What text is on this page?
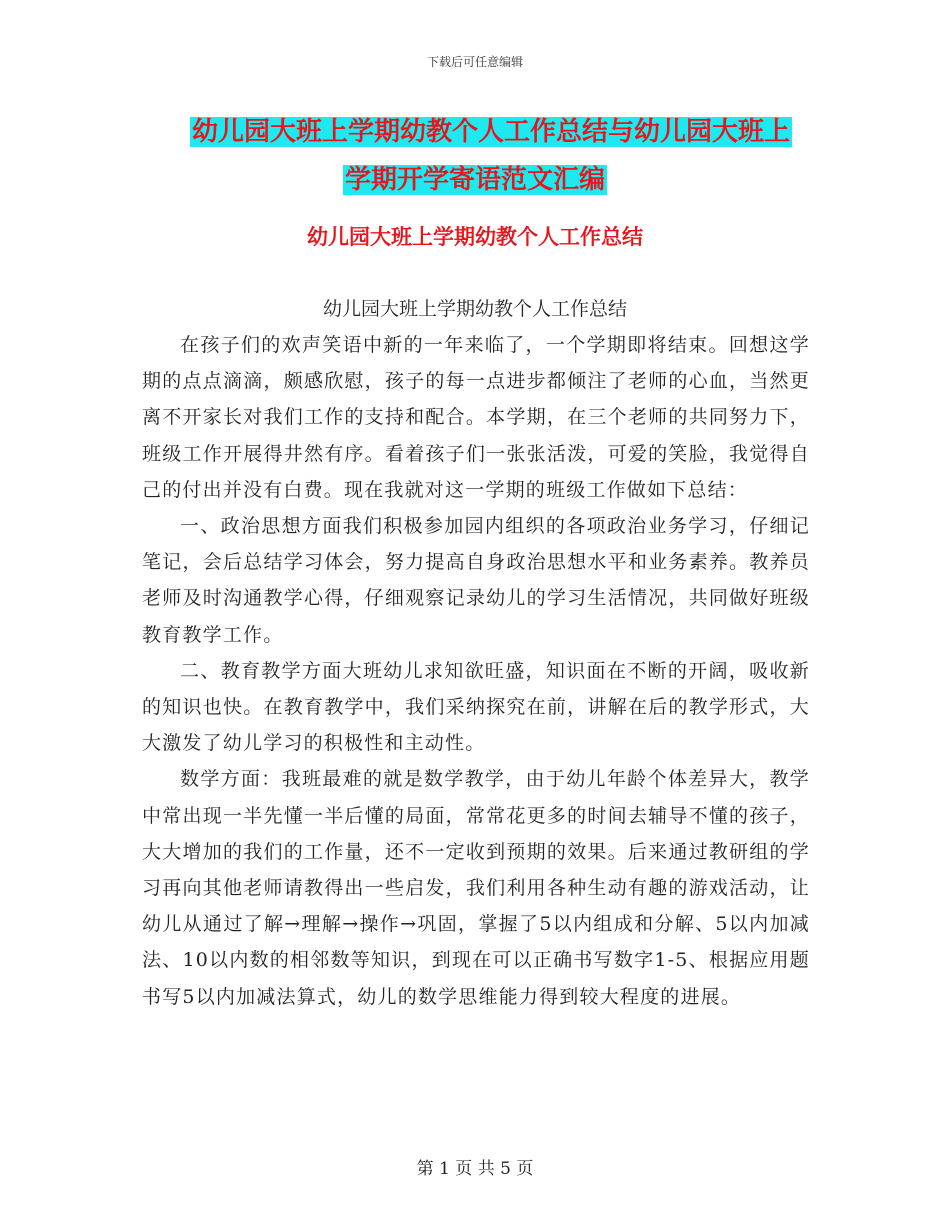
下载后可任意编辑
幼儿园大班上学期幼教个人工作总结与幼儿园大班上
学期开学寄语范文汇编
幼儿园大班上学期幼教个人工作总结
幼儿园大班上学期幼教个人工作总结

在孩子们的欢声笑语中新的一年来临了，一个学期即将结束。回想这学期的点点滴滴，颇感欣慰，孩子的每一点进步都倾注了老师的心血，当然更离不开家长对我们工作的支持和配合。本学期，在三个老师的共同努力下，班级工作开展得井然有序。看着孩子们一张张活泼，可爱的笑脸，我觉得自己的付出并没有白费。现在我就对这一学期的班级工作做如下总结：

一、政治思想方面我们积极参加园内组织的各项政治业务学习，仔细记笔记，会后总结学习体会，努力提高自身政治思想水平和业务素养。教养员老师及时沟通教学心得，仔细观察记录幼儿的学习生活情况，共同做好班级教育教学工作。

二、教育教学方面大班幼儿求知欲旺盛，知识面在不断的开阔，吸收新的知识也快。在教育教学中，我们采纳探究在前，讲解在后的教学形式，大大激发了幼儿学习的积极性和主动性。

数学方面：我班最难的就是数学教学，由于幼儿年龄个体差异大，教学中常出现一半先懂一半后懂的局面，常常花更多的时间去辅导不懂的孩子，大大增加的我们的工作量，还不一定收到预期的效果。后来通过教研组的学习再向其他老师请教得出一些启发，我们利用各种生动有趣的游戏活动，让幼儿从通过了解→理解→操作→巩固，掌握了5以内组成和分解、5以内加减法、10以内数的相邻数等知识，到现在可以正确书写数字1-5、根据应用题书写5以内加减法算式，幼儿的数学思维能力得到较大程度的进展。

第 1 页 共 5 页
